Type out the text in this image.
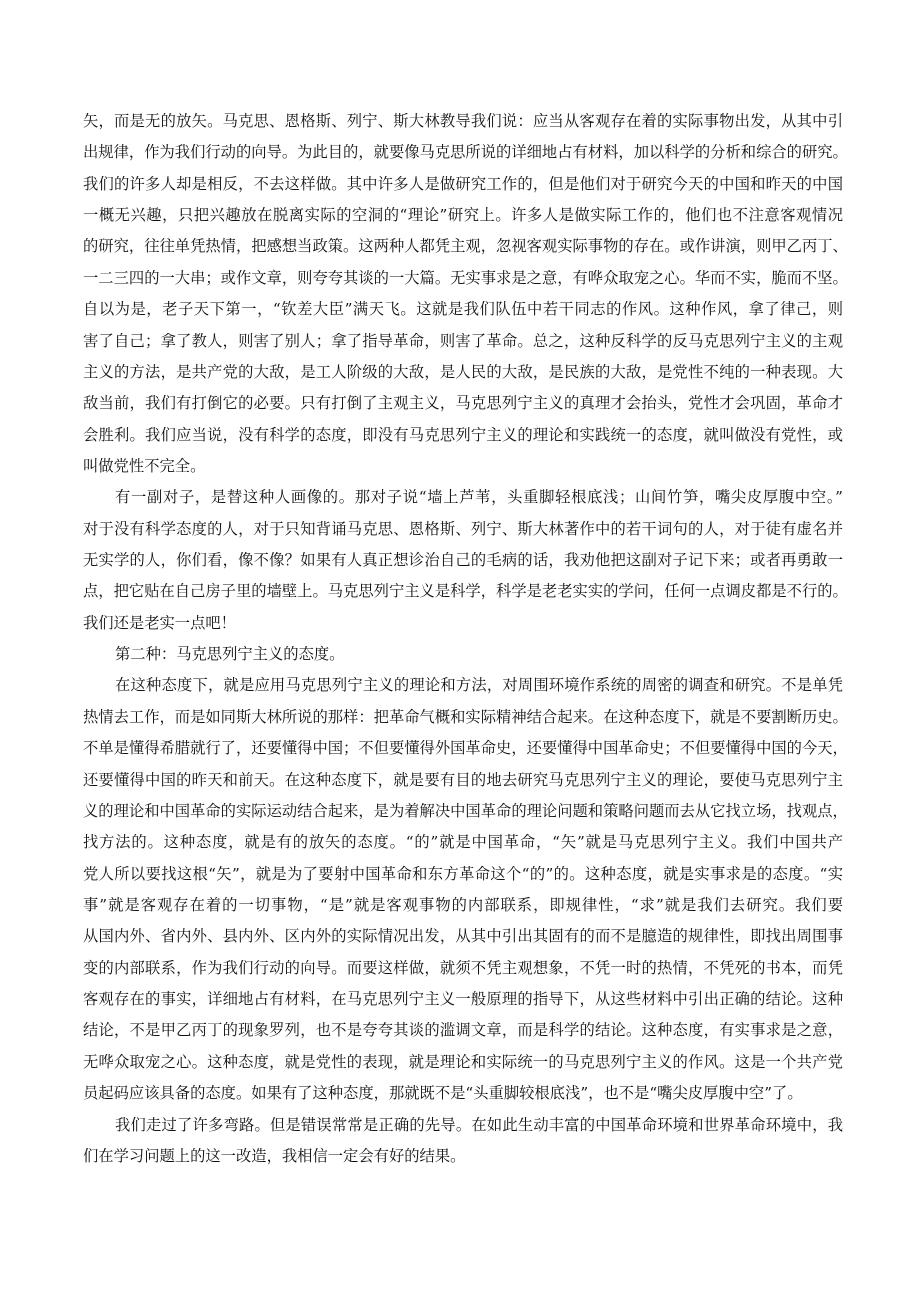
矢，而是无的放矢。马克思、恩格斯、列宁、斯大林教导我们说：应当从客观存在着的实际事物出发，从其中引
出规律，作为我们行动的向导。为此目的，就要像马克思所说的详细地占有材料，加以科学的分析和综合的研究。
我们的许多人却是相反，不去这样做。其中许多人是做研究工作的，但是他们对于研究今天的中国和昨天的中国
一概无兴趣，只把兴趣放在脱离实际的空洞的“理论”研究上。许多人是做实际工作的，他们也不注意客观情况
的研究，往往单凭热情，把感想当政策。这两种人都凭主观，忽视客观实际事物的存在。或作讲演，则甲乙丙丁、
一二三四的一大串；或作文章，则夸夸其谈的一大篇。无实事求是之意，有哗众取宠之心。华而不实，脆而不坚。
自以为是，老子天下第一，“钦差大臣”满天飞。这就是我们队伍中若干同志的作风。这种作风，拿了律己，则
害了自己；拿了教人，则害了别人；拿了指导革命，则害了革命。总之，这种反科学的反马克思列宁主义的主观
主义的方法，是共产党的大敌，是工人阶级的大敌，是人民的大敌，是民族的大敌，是党性不纯的一种表现。大
敌当前，我们有打倒它的必要。只有打倒了主观主义，马克思列宁主义的真理才会抬头，党性才会巩固，革命才
会胜利。我们应当说，没有科学的态度，即没有马克思列宁主义的理论和实践统一的态度，就叫做没有党性，或
叫做党性不完全。
有一副对子，是替这种人画像的。那对子说“墙上芦苇，头重脚轻根底浅；山间竹笋，嘴尖皮厚腹中空。”
对于没有科学态度的人，对于只知背诵马克思、恩格斯、列宁、斯大林著作中的若干词句的人，对于徒有虚名并
无实学的人，你们看，像不像？如果有人真正想诊治自己的毛病的话，我劝他把这副对子记下来；或者再勇敢一
点，把它贴在自己房子里的墙壁上。马克思列宁主义是科学，科学是老老实实的学问，任何一点调皮都是不行的。
我们还是老实一点吧！
第二种：马克思列宁主义的态度。
在这种态度下，就是应用马克思列宁主义的理论和方法，对周围环境作系统的周密的调查和研究。不是单凭
热情去工作，而是如同斯大林所说的那样：把革命气概和实际精神结合起来。在这种态度下，就是不要割断历史。
不单是懂得希腊就行了，还要懂得中国；不但要懂得外国革命史，还要懂得中国革命史；不但要懂得中国的今天，
还要懂得中国的昨天和前天。在这种态度下，就是要有目的地去研究马克思列宁主义的理论，要使马克思列宁主
义的理论和中国革命的实际运动结合起来，是为着解决中国革命的理论问题和策略问题而去从它找立场，找观点，
找方法的。这种态度，就是有的放矢的态度。“的”就是中国革命，“矢”就是马克思列宁主义。我们中国共产
党人所以要找这根“矢”，就是为了要射中国革命和东方革命这个“的”的。这种态度，就是实事求是的态度。“实
事”就是客观存在着的一切事物，“是”就是客观事物的内部联系，即规律性，“求”就是我们去研究。我们要
从国内外、省内外、县内外、区内外的实际情况出发，从其中引出其固有的而不是臆造的规律性，即找出周围事
变的内部联系，作为我们行动的向导。而要这样做，就须不凭主观想象，不凭一时的热情，不凭死的书本，而凭
客观存在的事实，详细地占有材料，在马克思列宁主义一般原理的指导下，从这些材料中引出正确的结论。这种
结论，不是甲乙丙丁的现象罗列，也不是夸夸其谈的滥调文章，而是科学的结论。这种态度，有实事求是之意，
无哗众取宠之心。这种态度，就是党性的表现，就是理论和实际统一的马克思列宁主义的作风。这是一个共产党
员起码应该具备的态度。如果有了这种态度，那就既不是“头重脚较根底浅”，也不是“嘴尖皮厚腹中空”了。
我们走过了许多弯路。但是错误常常是正确的先导。在如此生动丰富的中国革命环境和世界革命环境中，我
们在学习问题上的这一改造，我相信一定会有好的结果。
